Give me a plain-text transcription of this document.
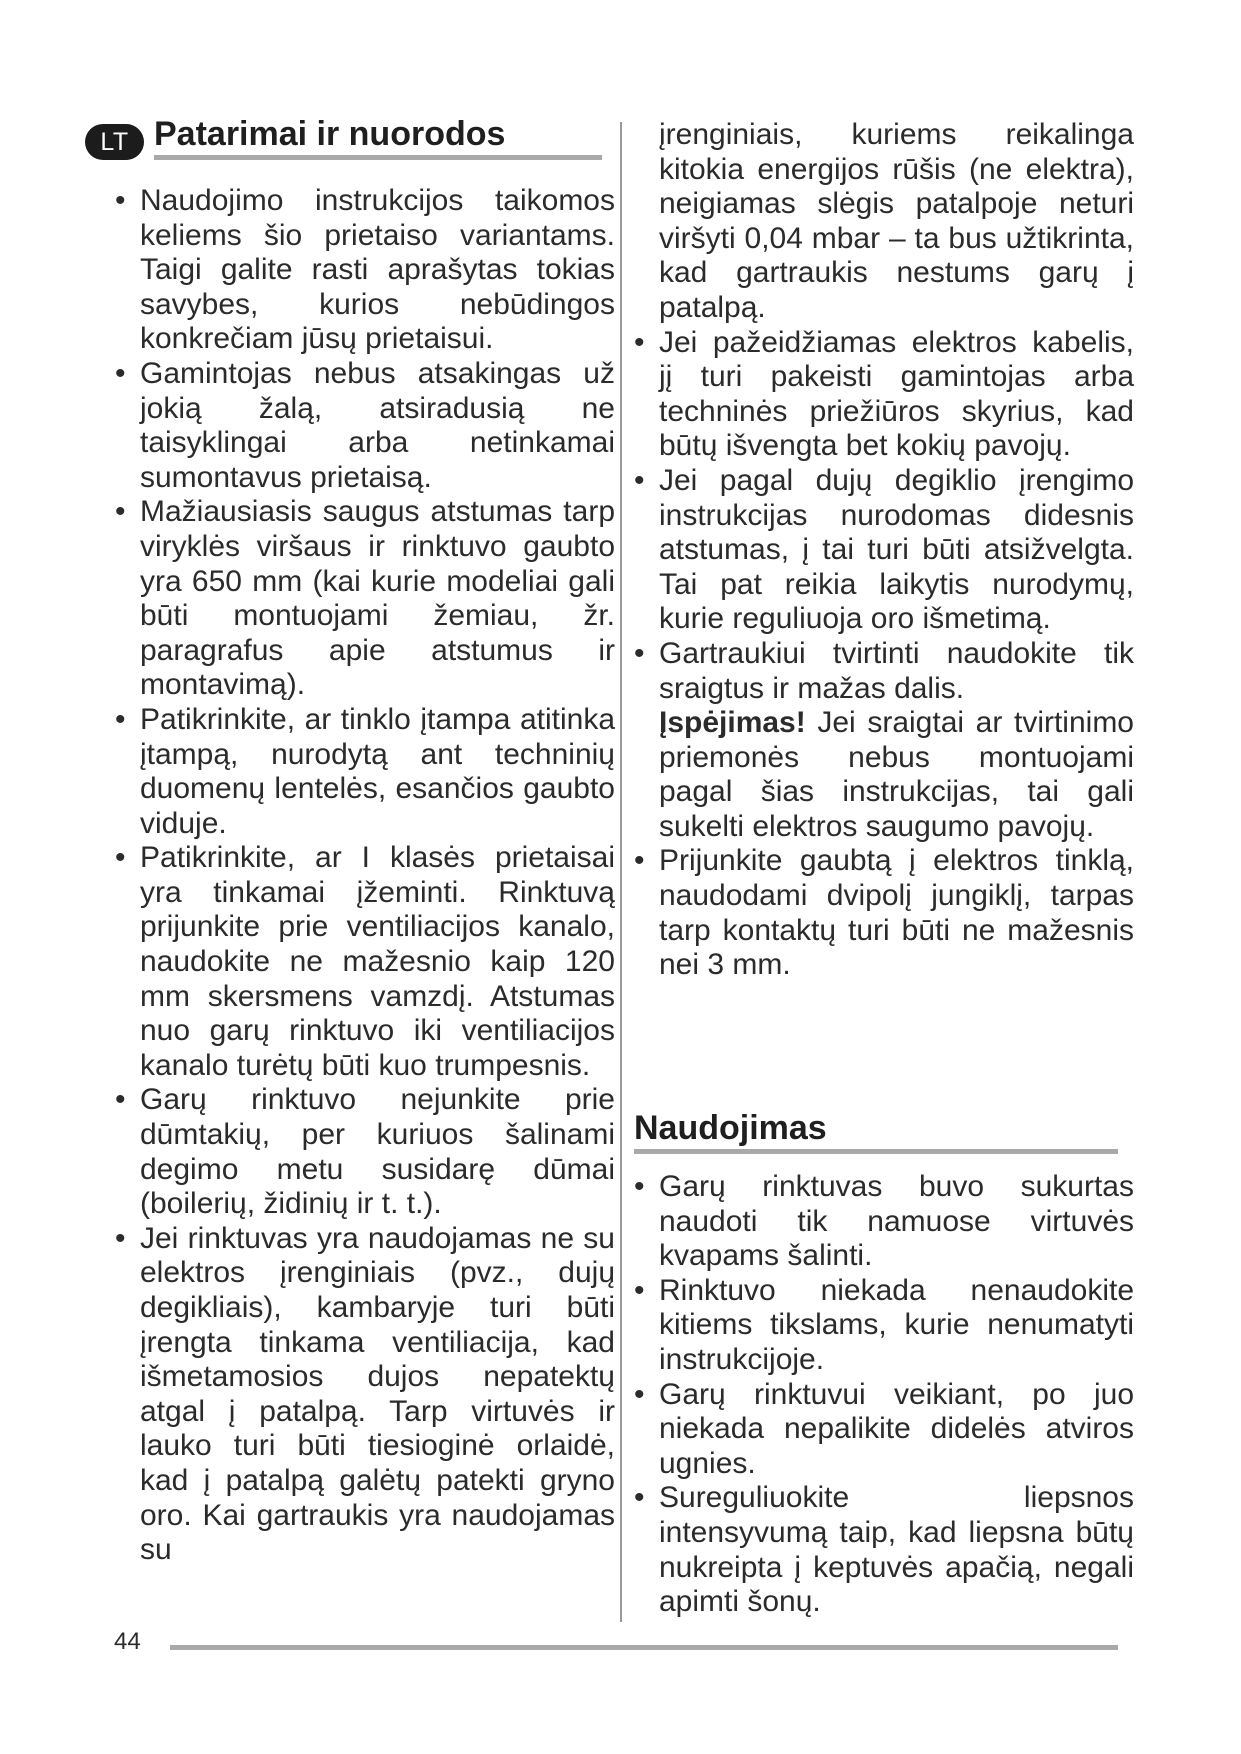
LT Patarimai ir nuorodos
• Naudojimo instrukcijos taikomos keliems šio prietaiso variantams. Taigi galite rasti aprašytas tokias savybes, kurios nebūdingos konkrečiam jūsų prietaisui.
• Gamintojas nebus atsakingas už jokią žalą, atsiradusią ne taisyklingai arba netinkamai sumontavus prietaisą.
• Mažiausiasis saugus atstumas tarp viryklės viršaus ir rinktuvo gaubto yra 650 mm (kai kurie modeliai gali būti montuojami žemiau, žr. paragrafus apie atstumus ir montavimą).
• Patikrinkite, ar tinklo įtampa atitinka įtampą, nurodytą ant techninių duomenų lentelės, esančios gaubto viduje.
• Patikrinkite, ar I klasės prietaisai yra tinkamai įžeminti. Rinktuvą prijunkite prie ventiliacijos kanalo, naudokite ne mažesnio kaip 120 mm skersmens vamzdį. Atstumas nuo garų rinktuvo iki ventiliacijos kanalo turėtų būti kuo trumpesnis.
• Garų rinktuvo nejunkite prie dūmtakių, per kuriuos šalinami degimo metu susidarę dūmai (boilerių, židinių ir t. t.).
• Jei rinktuvas yra naudojamas ne su elektros įrenginiais (pvz., dujų degikliais), kambaryje turi būti įrengta tinkama ventiliacija, kad išmetamosios dujos nepatektų atgal į patalpą. Tarp virtuvės ir lauko turi būti tiesioginė orlaidė, kad į patalpą galėtų patekti gryno oro. Kai gartraukis yra naudojamas su
įrenginiais, kuriems reikalinga kitokia energijos rūšis (ne elektra), neigiamas slėgis patalpoje neturi viršyti 0,04 mbar – ta bus užtikrinta, kad gartraukis nestums garų į patalpą.
• Jei pažeidžiamas elektros kabelis, jį turi pakeisti gamintojas arba techninės priežiūros skyrius, kad būtų išvengta bet kokių pavojų.
• Jei pagal dujų degiklio įrengimo instrukcijas nurodomas didesnis atstumas, į tai turi būti atsižvelgta. Tai pat reikia laikytis nurodymų, kurie reguliuoja oro išmetimą.
• Gartraukiui tvirtinti naudokite tik sraigtus ir mažas dalis.
Įspėjimas! Jei sraigtai ar tvirtinimo priemonės nebus montuojami pagal šias instrukcijas, tai gali sukelti elektros saugumo pavojų.
• Prijunkite gaubtą į elektros tinklą, naudodami dvipolį jungiklį, tarpas tarp kontaktų turi būti ne mažesnis nei 3 mm.
Naudojimas
• Garų rinktuvas buvo sukurtas naudoti tik namuose virtuvės kvapams šalinti.
• Rinktuvo niekada nenaudokite kitiems tikslams, kurie nenumatyti instrukcijoje.
• Garų rinktuvui veikiant, po juo niekada nepalikite didelės atviros ugnies.
• Sureguliuokite liepsnos intensyvumą taip, kad liepsna būtų nukreipta į keptuvės apačią, negali apimti šonų.
44
